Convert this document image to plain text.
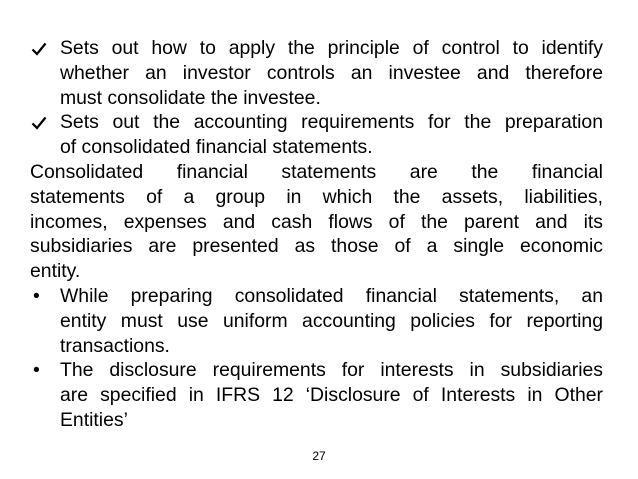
Sets out how to apply the principle of control to identify
whether an investor controls an investee and therefore
must consolidate the investee.
Sets out the accounting requirements for the preparation
of consolidated financial statements.
Consolidated financial statements are the financial
statements of a group in which the assets, liabilities,
incomes, expenses and cash flows of the parent and its
subsidiaries are presented as those of a single economic
entity.
•	While preparing consolidated financial statements, an
entity must use uniform accounting policies for reporting
transactions.
•	The disclosure requirements for interests in subsidiaries
are specified in IFRS 12 ‘Disclosure of Interests in Other
Entities’
27
